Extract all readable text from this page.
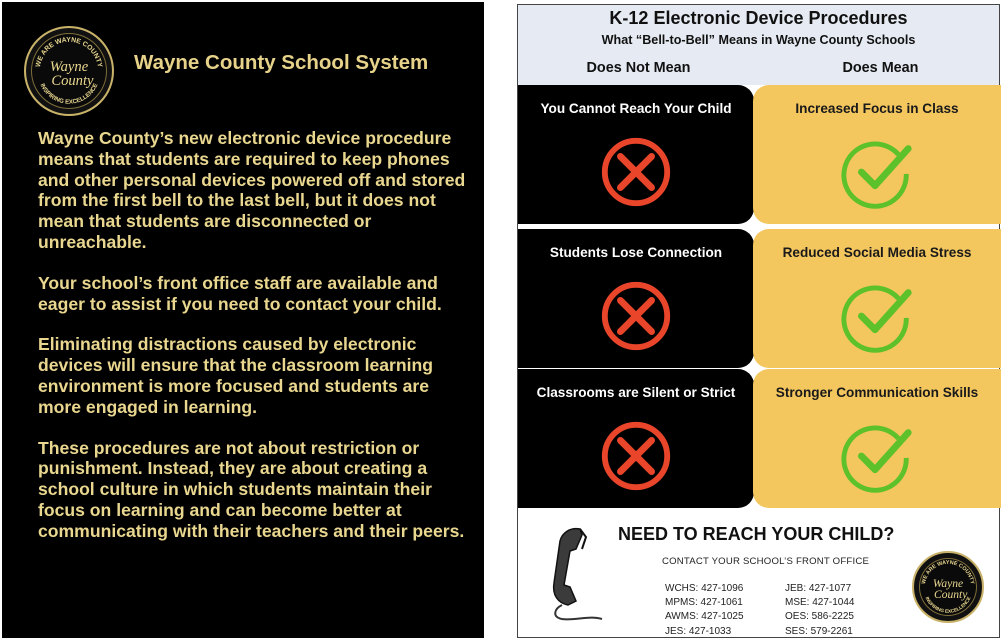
WE ARE WAYNE COUNTY
Wayne
County
INSPIRING EXCELLENCE
Wayne County School System

Wayne County’s new electronic device procedure means that students are required to keep phones and other personal devices powered off and stored from the first bell to the last bell, but it does not mean that students are disconnected or unreachable.

Your school’s front office staff are available and eager to assist if you need to contact your child.

Eliminating distractions caused by electronic devices will ensure that the classroom learning environment is more focused and students are more engaged in learning.

These procedures are not about restriction or punishment. Instead, they are about creating a school culture in which students maintain their focus on learning and can become better at communicating with their teachers and their peers.

K-12 Electronic Device Procedures
What “Bell-to-Bell” Means in Wayne County Schools
Does Not Mean	Does Mean
You Cannot Reach Your Child	Increased Focus in Class
Students Lose Connection	Reduced Social Media Stress
Classrooms are Silent or Strict	Stronger Communication Skills
NEED TO REACH YOUR CHILD?
CONTACT YOUR SCHOOL’S FRONT OFFICE
WCHS: 427-1096	JEB: 427-1077
MPMS: 427-1061	MSE: 427-1044
AWMS: 427-1025	OES: 586-2225
JES: 427-1033	SES: 579-2261
WE ARE WAYNE COUNTY
Wayne
County
INSPIRING EXCELLENCE
